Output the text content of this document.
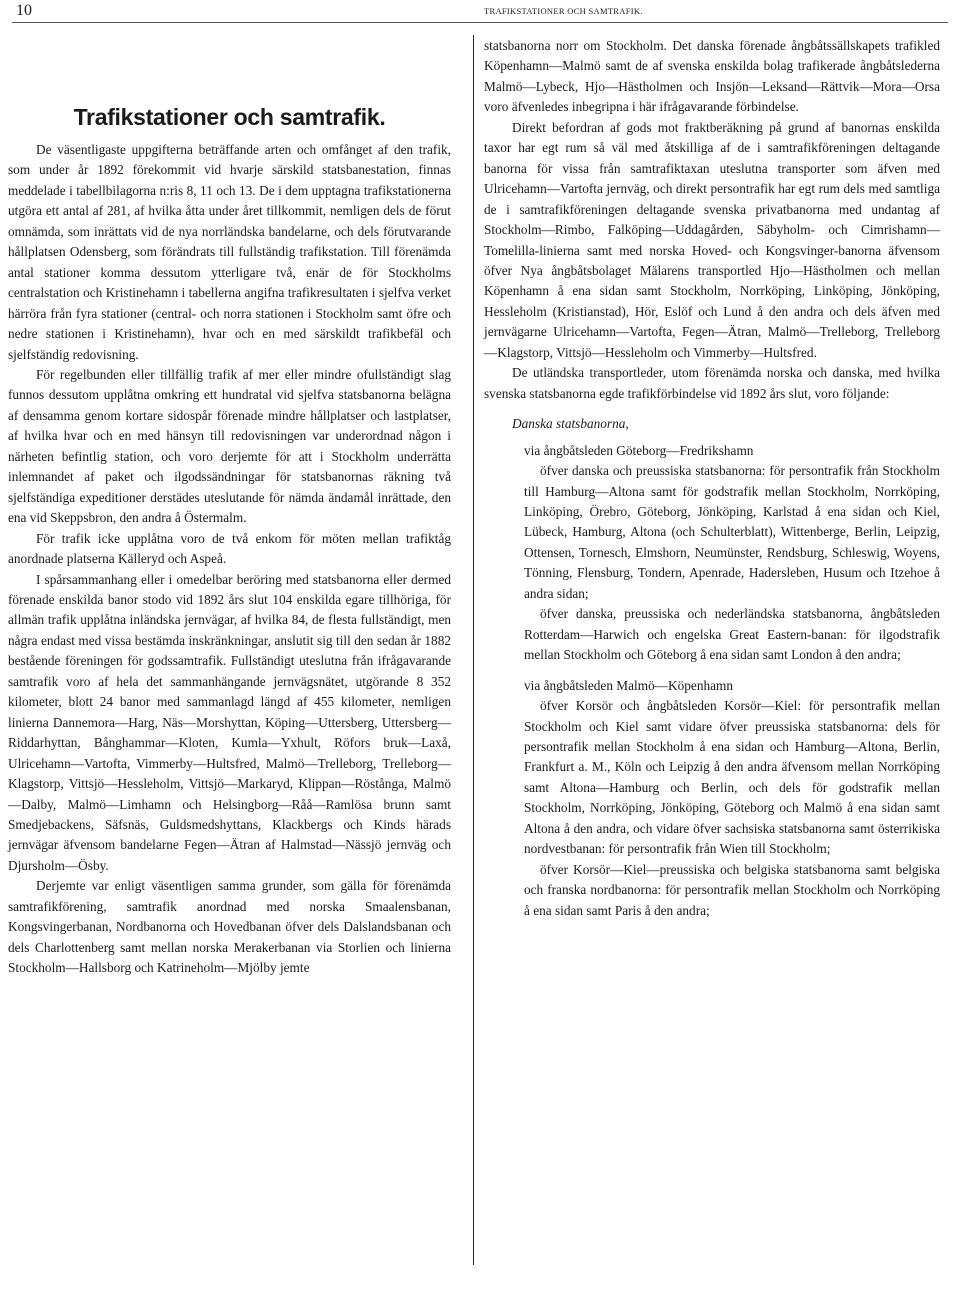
10	TRAFIKSTATIONER OCH SAMTRAFIK.
Trafikstationer och samtrafik.

De väsentligaste uppgifterna beträffande arten och omfånget af den trafik, som under år 1892 förekommit vid hvarje särskild statsbanestation, finnas meddelade i tabellbilagorna n:ris 8, 11 och 13. De i dem upptagna trafikstationerna utgöra ett antal af 281, af hvilka åtta under året tillkommit, nemligen dels de förut omnämda, som inrättats vid de nya norrländska bandelarne, och dels förutvarande hållplatsen Odensberg, som förändrats till fullständig trafikstation. Till förenämda antal stationer komma dessutom ytterligare två, enär de för Stockholms centralstation och Kristinehamn i tabellerna angifna trafikresultaten i sjelfva verket härröra från fyra stationer (central- och norra stationen i Stockholm samt öfre och nedre stationen i Kristinehamn), hvar och en med särskildt trafikbefäl och sjelfständig redovisning.

För regelbunden eller tillfällig trafik af mer eller mindre ofullständigt slag funnos dessutom upplåtna omkring ett hundratal vid sjelfva statsbanorna belägna af densamma genom kortare sidospår förenade mindre hållplatser och lastplatser, af hvilka hvar och en med hänsyn till redovisningen var underordnad någon i närheten befintlig station, och voro derjemte för att i Stockholm underrätta inlemnandet af paket och ilgodssändningar för statsbanornas räkning två sjelfständiga expeditioner derstädes uteslutande för nämda ändamål inrättade, den ena vid Skeppsbron, den andra å Östermalm.

För trafik icke upplåtna voro de två enkom för möten mellan trafiktåg anordnade platserna Källeryd och Aspeå.

I spårsammanhang eller i omedelbar beröring med statsbanorna eller dermed förenade enskilda banor stodo vid 1892 års slut 104 enskilda egare tillhöriga, för allmän trafik upplåtna inländska jernvägar, af hvilka 84, de flesta fullständigt, men några endast med vissa bestämda inskränkningar, anslutit sig till den sedan år 1882 bestående föreningen för godssamtrafik. Fullständigt uteslutna från ifrågavarande samtrafik voro af hela det sammanhängande jernvägsnätet, utgörande 8 352 kilometer, blott 24 banor med sammanlagd längd af 455 kilometer, nemligen linierna Dannemora—Harg, Näs—Morshyttan, Köping—Uttersberg, Uttersberg—Riddarhyttan, Bånghammar—Kloten, Kumla—Yxhult, Röfors bruk—Laxå, Ulricehamn—Vartofta, Vimmerby—Hultsfred, Malmö—Trelleborg, Trelleborg—Klagstorp, Vittsjö—Hessleholm, Vittsjö—Markaryd, Klippan—Röstånga, Malmö—Dalby, Malmö—Limhamn och Helsingborg—Råå—Ramlösa brunn samt Smedjebackens, Säfsnäs, Guldsmedshyttans, Klackbergs och Kinds härads jernvägar äfvensom bandelarne Fegen—Ätran af Halmstad—Nässjö jernväg och Djursholm—Ösby.

Derjemte var enligt väsentligen samma grunder, som gälla för förenämda samtrafikförening, samtrafik anordnad med norska Smaalensbanan, Kongsvingerbanan, Nordbanorna och Hovedbanan öfver dels Dalslandsbanan och dels Charlottenberg samt mellan norska Merakerbanan via Storlien och linierna Stockholm—Hallsborg och Katrineholm—Mjölby jemte

statsbanorna norr om Stockholm. Det danska förenade ångbåtssällskapets trafikled Köpenhamn—Malmö samt de af svenska enskilda bolag trafikerade ångbåtslederna Malmö—Lybeck, Hjo—Hästholmen och Insjön—Leksand—Rättvik—Mora—Orsa voro äfvenledes inbegripna i här ifrågavarande förbindelse.

Direkt befordran af gods mot fraktberäkning på grund af banornas enskilda taxor har egt rum så väl med åtskilliga af de i samtrafikföreningen deltagande banorna för vissa från samtrafiktaxan uteslutna transporter som äfven med Ulricehamn—Vartofta jernväg, och direkt persontrafik har egt rum dels med samtliga de i samtrafikföreningen deltagande svenska privatbanorna med undantag af Stockholm—Rimbo, Falköping—Uddagården, Säbyholm- och Cimrishamn—Tomelilla-linierna samt med norska Hoved- och Kongsvinger-banorna äfvensom öfver Nya ångbåtsbolaget Mälarens transportled Hjo—Hästholmen och mellan Köpenhamn å ena sidan samt Stockholm, Norrköping, Linköping, Jönköping, Hessleholm (Kristianstad), Hör, Eslöf och Lund å den andra och dels äfven med jernvägarne Ulricehamn—Vartofta, Fegen—Ätran, Malmö—Trelleborg, Trelleborg—Klagstorp, Vittsjö—Hessleholm och Vimmerby—Hultsfred.

De utländska transportleder, utom förenämda norska och danska, med hvilka svenska statsbanorna egde trafikförbindelse vid 1892 års slut, voro följande:

Danska statsbanorna,

via ångbåtsleden Göteborg—Fredrikshamn

öfver danska och preussiska statsbanorna: för persontrafik från Stockholm till Hamburg—Altona samt för godstrafik mellan Stockholm, Norrköping, Linköping, Örebro, Göteborg, Jönköping, Karlstad å ena sidan och Kiel, Lübeck, Hamburg, Altona (och Schulterblatt), Wittenberge, Berlin, Leipzig, Ottensen, Tornesch, Elmshorn, Neumünster, Rendsburg, Schleswig, Woyens, Tönning, Flensburg, Tondern, Apenrade, Hadersleben, Husum och Itzehoe å andra sidan;

öfver danska, preussiska och nederländska statsbanorna, ångbåtsleden Rotterdam—Harwich och engelska Great Eastern-banan: för ilgodstrafik mellan Stockholm och Göteborg å ena sidan samt London å den andra;

via ångbåtsleden Malmö—Köpenhamn

öfver Korsör och ångbåtsleden Korsör—Kiel: för persontrafik mellan Stockholm och Kiel samt vidare öfver preussiska statsbanorna: dels för persontrafik mellan Stockholm å ena sidan och Hamburg—Altona, Berlin, Frankfurt a. M., Köln och Leipzig å den andra äfvensom mellan Norrköping samt Altona—Hamburg och Berlin, och dels för godstrafik mellan Stockholm, Norrköping, Jönköping, Göteborg och Malmö å ena sidan samt Altona å den andra, och vidare öfver sachsiska statsbanorna samt österrikiska nordvestbanan: för persontrafik från Wien till Stockholm;

öfver Korsör—Kiel—preussiska och belgiska statsbanorna samt belgiska och franska nordbanorna: för persontrafik mellan Stockholm och Norrköping å ena sidan samt Paris å den andra;
